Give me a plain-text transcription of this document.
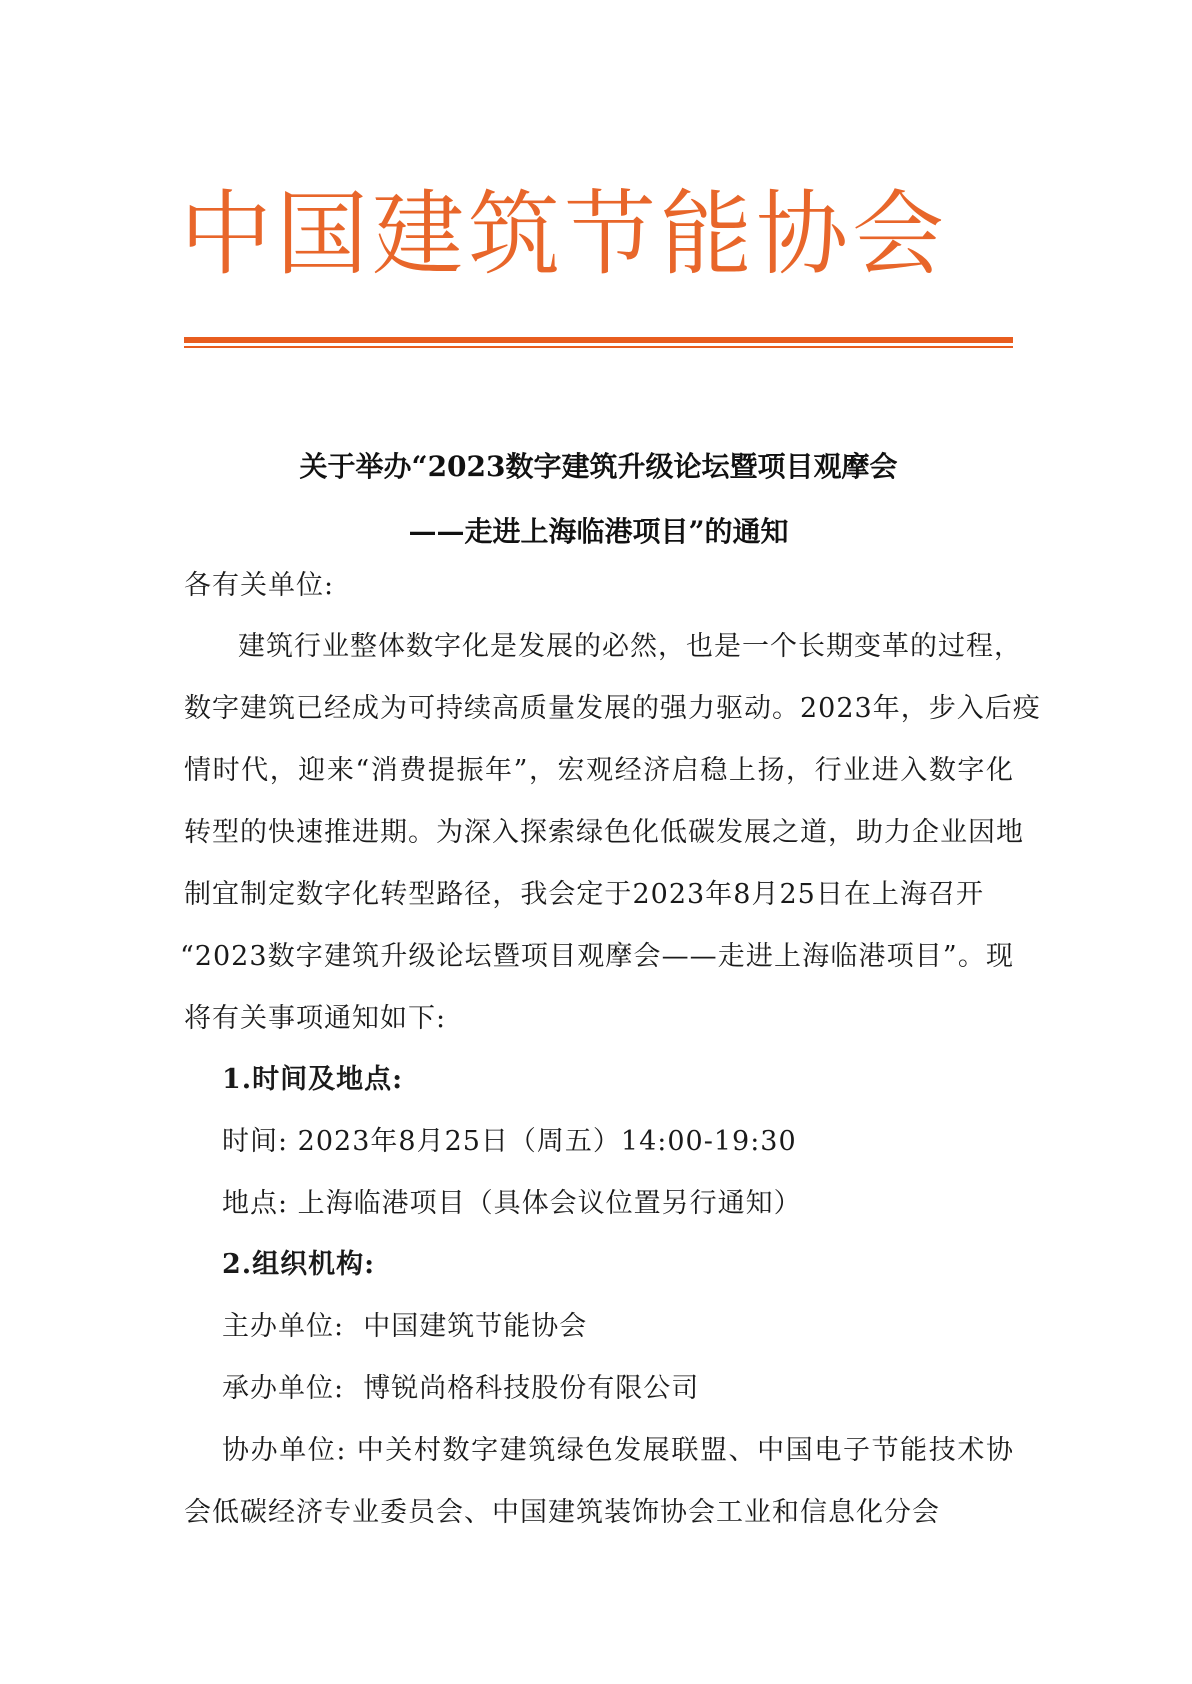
中国建筑节能协会
关于举办“2023数字建筑升级论坛暨项目观摩会
——走进上海临港项目”的通知
各有关单位:
建筑行业整体数字化是发展的必然，也是一个长期变革的过程，
数字建筑已经成为可持续高质量发展的强力驱动。2023年，步入后疫
情时代，迎来“消费提振年”，宏观经济启稳上扬，行业进入数字化
转型的快速推进期。为深入探索绿色化低碳发展之道，助力企业因地
制宜制定数字化转型路径，我会定于2023年8月25日在上海召开
“2023数字建筑升级论坛暨项目观摩会——走进上海临港项目”。现
将有关事项通知如下:
1.时间及地点:
时间: 2023年8月25日（周五）14:00-19:30
地点: 上海临港项目（具体会议位置另行通知）
2.组织机构:
主办单位:  中国建筑节能协会
承办单位:  博锐尚格科技股份有限公司
协办单位: 中关村数字建筑绿色发展联盟、中国电子节能技术协
会低碳经济专业委员会、中国建筑装饰协会工业和信息化分会
